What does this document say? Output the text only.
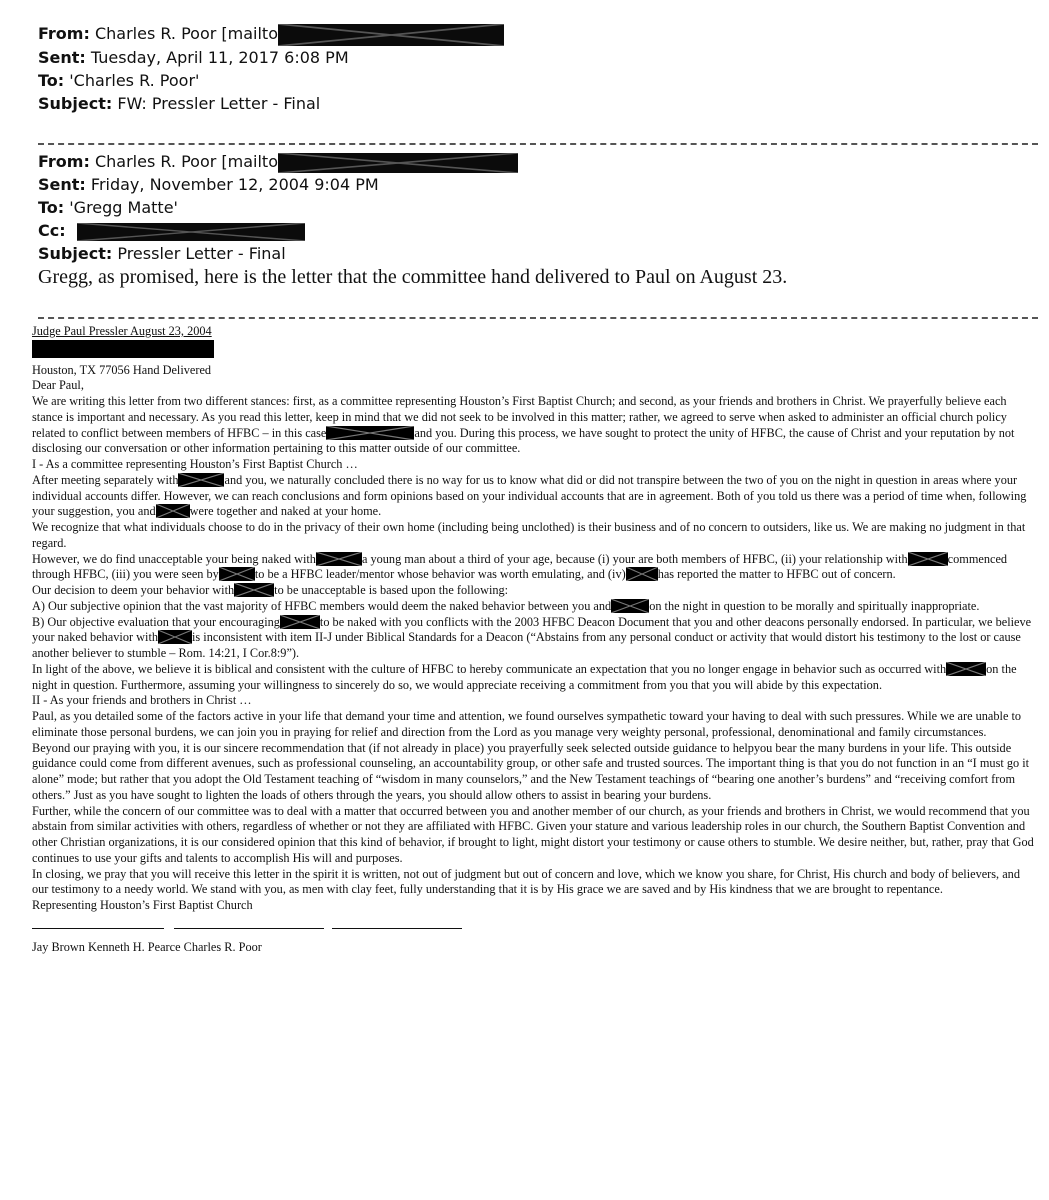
From: Charles R. Poor [mailto
Sent: Tuesday, April 11, 2017 6:08 PM
To: 'Charles R. Poor'
Subject: FW: Pressler Letter - Final
From: Charles R. Poor [mailto
Sent: Friday, November 12, 2004 9:04 PM
To: 'Gregg Matte'
Cc:
Subject: Pressler Letter - Final
Gregg, as promised, here is the letter that the committee hand delivered to Paul on August 23.

Judge Paul Pressler August 23, 2004

Houston, TX 77056 Hand Delivered

Dear Paul,

We are writing this letter from two different stances: first, as a committee representing Houston’s First Baptist Church; and second, as your friends and brothers in Christ. We prayerfully believe each stance is important and necessary. As you read this letter, keep in mind that we did not seek to be involved in this matter; rather, we agreed to serve when asked to administer an official church policy related to conflict between members of HFBC – in this case	and you. During this process, we have sought to protect the unity of HFBC, the cause of Christ and your reputation by not disclosing our conversation or other information pertaining to this matter outside of our committee.

I - As a committee representing Houston’s First Baptist Church …

After meeting separately with	and you, we naturally concluded there is no way for us to know what did or did not transpire between the two of you on the night in question in areas where your individual accounts differ. However, we can reach conclusions and form opinions based on your individual accounts that are in agreement. Both of you told us there was a period of time when, following your suggestion, you and	were together and naked at your home.

We recognize that what individuals choose to do in the privacy of their own home (including being unclothed) is their business and of no concern to outsiders, like us. We are making no judgment in that regard.

However, we do find unacceptable your being naked with	a young man about a third of your age, because (i) your are both members of HFBC, (ii) your relationship with	commenced through HFBC, (iii) you were seen by	to be a HFBC leader/mentor whose behavior was worth emulating, and (iv)	has reported the matter to HFBC out of concern.

Our decision to deem your behavior with	to be unacceptable is based upon the following:

A) Our subjective opinion that the vast majority of HFBC members would deem the naked behavior between you and	on the night in question to be morally and spiritually inappropriate.

B) Our objective evaluation that your encouraging	to be naked with you conflicts with the 2003 HFBC Deacon Document that you and other deacons personally endorsed. In particular, we believe your naked behavior with	is inconsistent with item II-J under Biblical Standards for a Deacon (“Abstains from any personal conduct or activity that would distort his testimony to the lost or cause another believer to stumble – Rom. 14:21, I Cor.8:9”).

In light of the above, we believe it is biblical and consistent with the culture of HFBC to hereby communicate an expectation that you no longer engage in behavior such as occurred with	on the night in question. Furthermore, assuming your willingness to sincerely do so, we would appreciate receiving a commitment from you that you will abide by this expectation.

II - As your friends and brothers in Christ …

Paul, as you detailed some of the factors active in your life that demand your time and attention, we found ourselves sympathetic toward your having to deal with such pressures. While we are unable to eliminate those personal burdens, we can join you in praying for relief and direction from the Lord as you manage very weighty personal, professional, denominational and family circumstances.

Beyond our praying with you, it is our sincere recommendation that (if not already in place) you prayerfully seek selected outside guidance to helpyou bear the many burdens in your life. This outside guidance could come from different avenues, such as professional counseling, an accountability group, or other safe and trusted sources. The important thing is that you do not function in an “I must go it alone” mode; but rather that you adopt the Old Testament teaching of “wisdom in many counselors,” and the New Testament teachings of “bearing one another’s burdens” and “receiving comfort from others.” Just as you have sought to lighten the loads of others through the years, you should allow others to assist in bearing your burdens.

Further, while the concern of our committee was to deal with a matter that occurred between you and another member of our church, as your friends and brothers in Christ, we would recommend that you abstain from similar activities with others, regardless of whether or not they are affiliated with HFBC. Given your stature and various leadership roles in our church, the Southern Baptist Convention and other Christian organizations, it is our considered opinion that this kind of behavior, if brought to light, might distort your testimony or cause others to stumble. We desire neither, but, rather, pray that God continues to use your gifts and talents to accomplish His will and purposes.

In closing, we pray that you will receive this letter in the spirit it is written, not out of judgment but out of concern and love, which we know you share, for Christ, His church and body of believers, and our testimony to a needy world. We stand with you, as men with clay feet, fully understanding that it is by His grace we are saved and by His kindness that we are brought to repentance.

Representing Houston’s First Baptist Church

Jay Brown Kenneth H. Pearce Charles R. Poor
